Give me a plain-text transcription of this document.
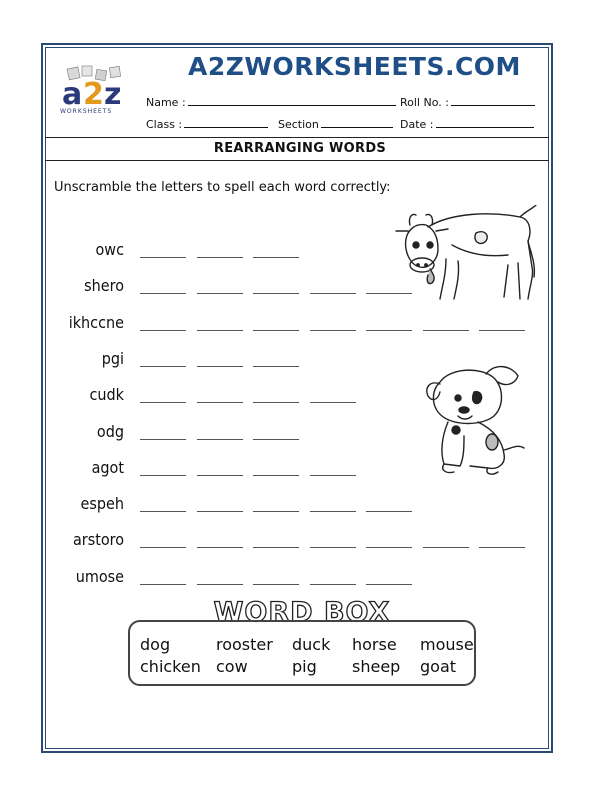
a 2 z
WORKSHEETS
A2ZWORKSHEETS.COM
Name :	Roll No. :
Class :	Section	Date :
REARRANGING WORDS
Unscramble the letters to spell each word correctly:
owc
shero
ikhccne
pgi
cudk
odg
agot
espeh
arstoro
umose
WORD BOX
dog	rooster duck horse mouse
chicken cow	pig sheep goat
